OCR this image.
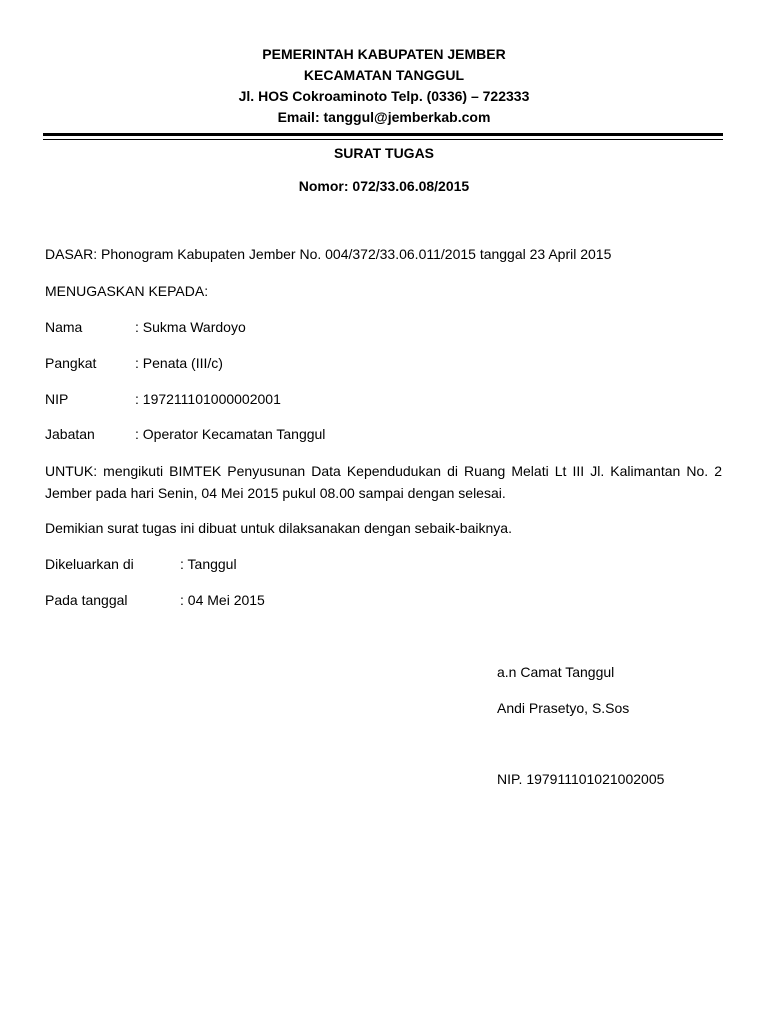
PEMERINTAH KABUPATEN JEMBER
KECAMATAN TANGGUL
Jl. HOS Cokroaminoto Telp. (0336) – 722333
Email: tanggul@jemberkab.com
SURAT TUGAS
Nomor: 072/33.06.08/2015
DASAR: Phonogram Kabupaten Jember No. 004/372/33.06.011/2015 tanggal 23 April 2015
MENUGASKAN KEPADA:
Nama	: Sukma Wardoyo
Pangkat	: Penata (III/c)
NIP	: 197211101000002001
Jabatan	: Operator Kecamatan Tanggul
UNTUK: mengikuti BIMTEK Penyusunan Data Kependudukan di Ruang Melati Lt III Jl. Kalimantan No. 2 Jember pada hari Senin, 04 Mei 2015 pukul 08.00 sampai dengan selesai.
Demikian surat tugas ini dibuat untuk dilaksanakan dengan sebaik-baiknya.
Dikeluarkan di	: Tanggul
Pada tanggal	: 04 Mei 2015
a.n Camat Tanggul
Andi Prasetyo, S.Sos
NIP. 197911101021002005
